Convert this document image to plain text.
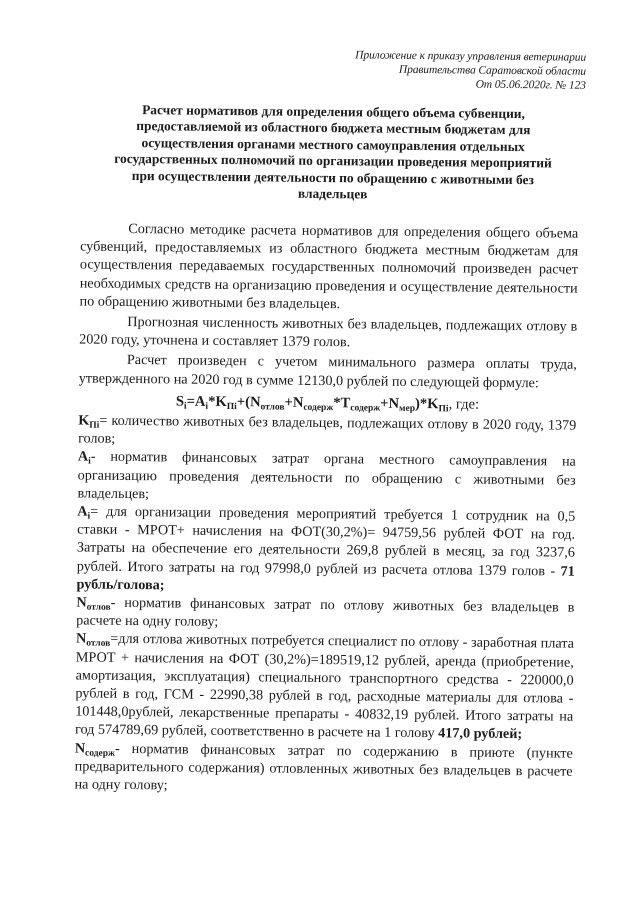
Приложение к приказу управления ветеринарии
Правительства Саратовской области
От 05.06.2020г. № 123
Расчет нормативов для определения общего объема субвенции,
предоставляемой из областного бюджета местным бюджетам для
осуществления органами местного самоуправления отдельных
государственных полномочий по организации проведения мероприятий
при осуществлении деятельности по обращению с животными без
владельцев

Согласно методике расчета нормативов для определения общего объема субвенций, предоставляемых из областного бюджета местным бюджетам для осуществления передаваемых государственных полномочий произведен расчет необходимых средств на организацию проведения и осуществление деятельности по обращению животными без владельцев.

Прогнозная численность животных без владельцев, подлежащих отлову в 2020 году, уточнена и составляет 1379 голов.

Расчет произведен с учетом минимального размера оплаты труда, утвержденного на 2020 год в сумме 12130,0 рублей по следующей формуле:

$S_i=A_i*K_{Пi}+(N_{отлов}+N_{содерж}*T_{содерж}+N_{мер})*K_{Пi}$, где:

$K_{Пi}=$ количество животных без владельцев, подлежащих отлову в 2020 году, 1379 голов;

$A_i-$ норматив финансовых затрат органа местного самоуправления на организацию проведения деятельности по обращению с животными без владельцев;

$A_i=$ для организации проведения мероприятий требуется 1 сотрудник на 0,5 ставки - МРОТ+ начисления на ФОТ(30,2%)= 94759,56 рублей ФОТ на год. Затраты на обеспечение его деятельности 269,8 рублей в месяц, за год 3237,6 рублей. Итого затраты на год 97998,0 рублей из расчета отлова 1379 голов - 71 рубль/голова;

$N_{отлов}-$ норматив финансовых затрат по отлову животных без владельцев в расчете на одну голову;

$N_{отлов}=для$ отлова животных потребуется специалист по отлову - заработная плата МРОТ + начисления на ФОТ (30,2%)=189519,12 рублей, аренда (приобретение, амортизация, эксплуатация) специального транспортного средства - 220000,0 рублей в год, ГСМ - 22990,38 рублей в год, расходные материалы для отлова - 101448,0рублей, лекарственные препараты - 40832,19 рублей. Итого затраты на год 574789,69 рублей, соответственно в расчете на 1 голову 417,0 рублей;

$N_{содерж}-$ норматив финансовых затрат по содержанию в приюте (пункте предварительного содержания) отловленных животных без владельцев в расчете на одну голову;
